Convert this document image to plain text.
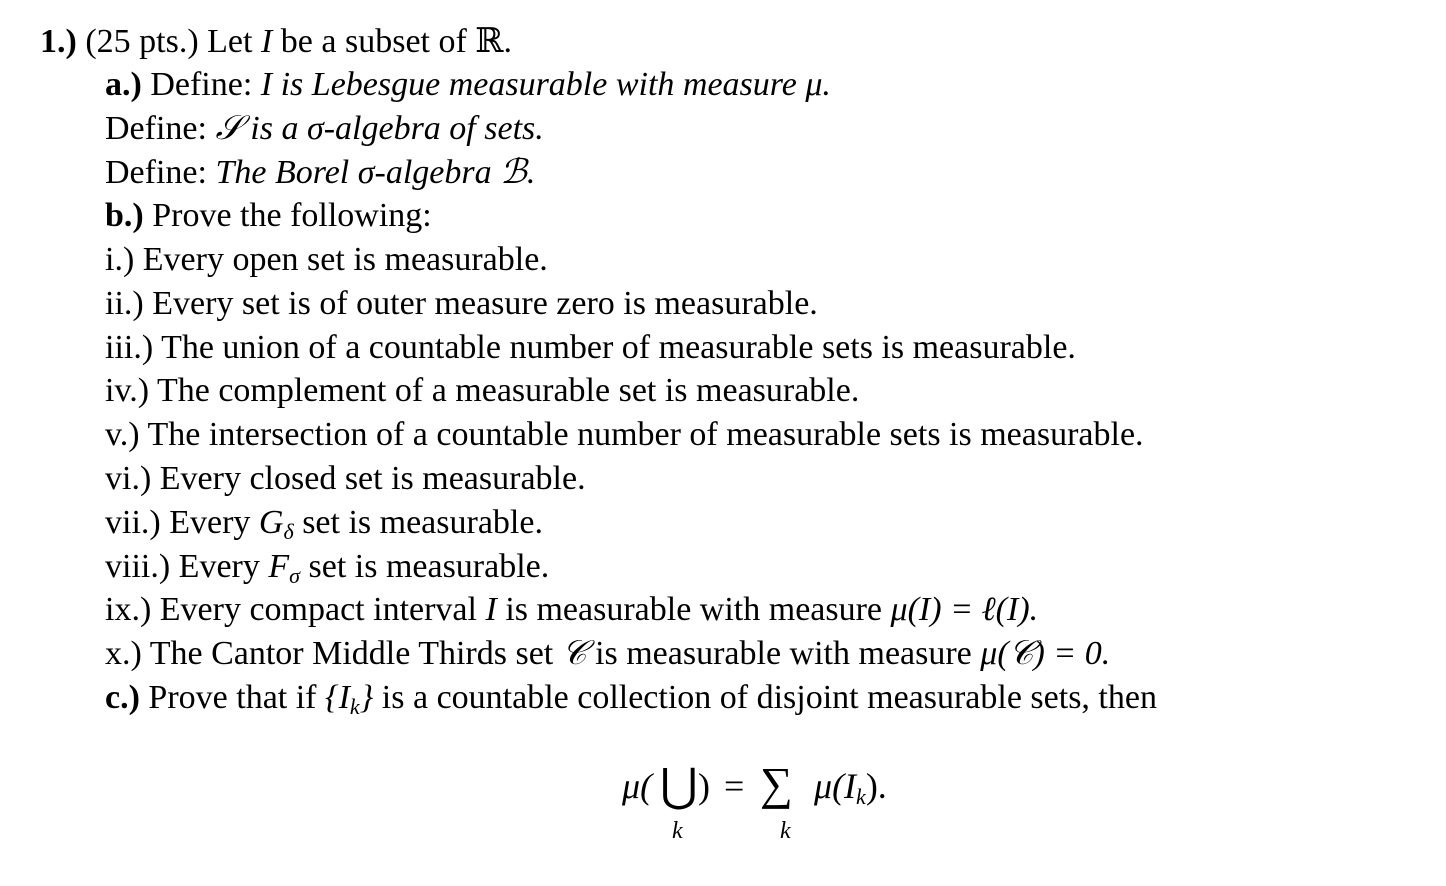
1.) (25 pts.) Let I be a subset of ℝ.
a.) Define: I is Lebesgue measurable with measure μ.
Define: 𝒮 is a σ-algebra of sets.
Define: The Borel σ-algebra ℬ.
b.) Prove the following:
i.) Every open set is measurable.
ii.) Every set is of outer measure zero is measurable.
iii.) The union of a countable number of measurable sets is measurable.
iv.) The complement of a measurable set is measurable.
v.) The intersection of a countable number of measurable sets is measurable.
vi.) Every closed set is measurable.
vii.) Every $G_\delta$ set is measurable.
viii.) Every $F_\sigma$ set is measurable.
ix.) Every compact interval I is measurable with measure μ(I) = ℓ(I).
x.) The Cantor Middle Thirds set 𝒞 is measurable with measure μ(𝒞) = 0.
c.) Prove that if $\{I_k\}$ is a countable collection of disjoint measurable sets, then
μ( ⋃ ) = ∑ $\mu(I_k)$.
k	k
